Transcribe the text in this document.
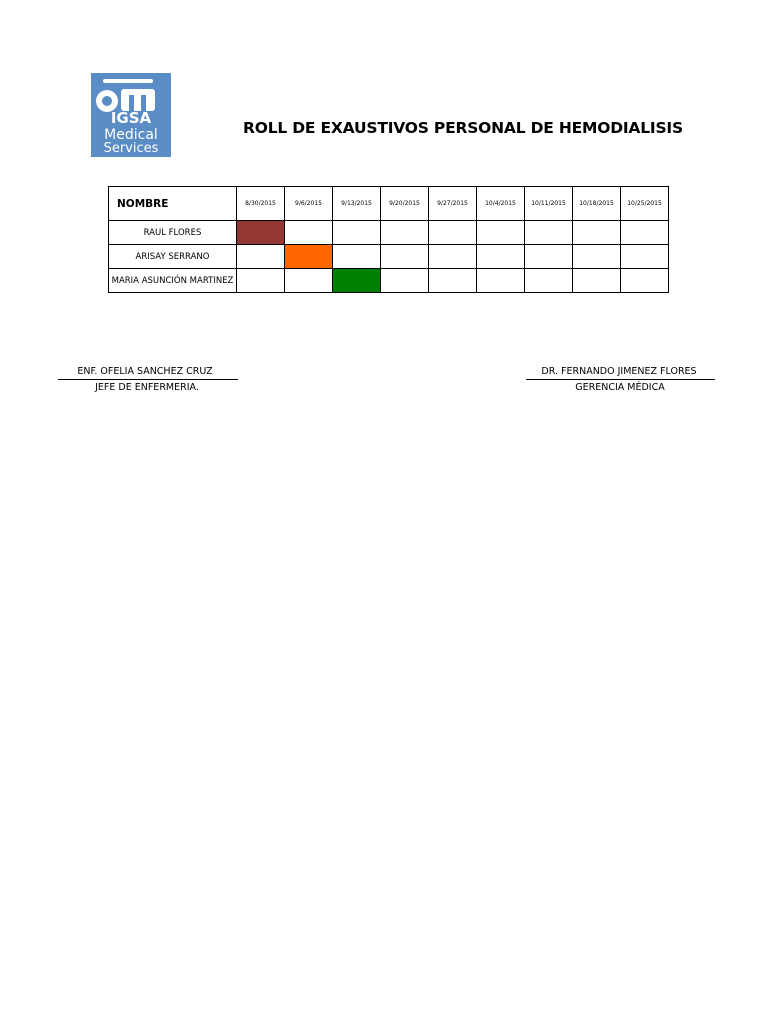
IGSA
Medical
Services
ROLL DE EXAUSTIVOS PERSONAL DE HEMODIALISIS
NOMBRE	8/30/2015	9/6/2015	9/13/2015	9/20/2015	9/27/2015	10/4/2015	10/11/2015	10/18/2015	10/25/2015
RAUL FLORES									
ARISAY SERRANO									
MARIA ASUNCIÓN MARTINEZ									
ENF. OFELIA SANCHEZ CRUZ
JEFE DE ENFERMERIA.
DR. FERNANDO JIMENEZ FLORES
GERENCIA MÉDICA
